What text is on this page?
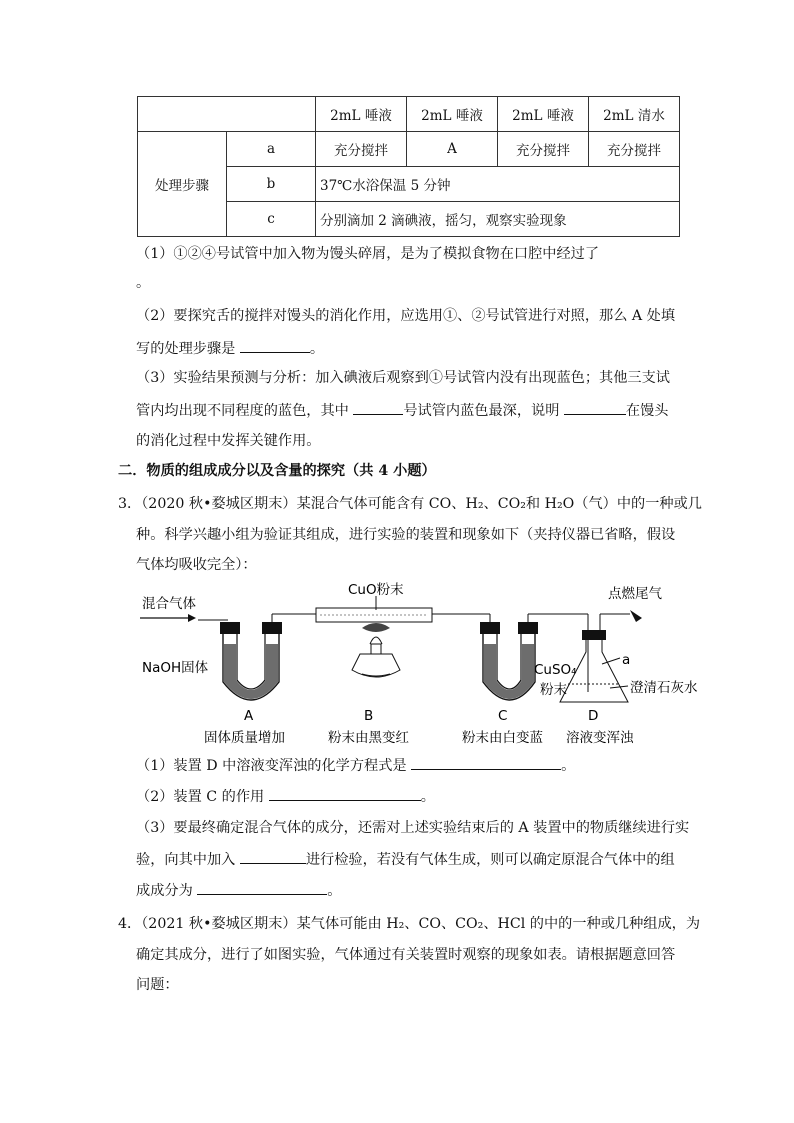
		2mL 唾液	2mL 唾液	2mL 唾液	2mL 清水
处理步骤	a	充分搅拌	A	充分搅拌	充分搅拌
	b	37℃水浴保温 5 分钟			
	c	分别滴加 2 滴碘液，摇匀，观察实验现象			
（1）①②④号试管中加入物为馒头碎屑，是为了模拟食物在口腔中经过了
。
（2）要探究舌的搅拌对馒头的消化作用，应选用①、②号试管进行对照，那么 A 处填
写的处理步骤是	。
（3）实验结果预测与分析：加入碘液后观察到①号试管内没有出现蓝色；其他三支试
管内均出现不同程度的蓝色，其中	号试管内蓝色最深，说明	在馒头
的消化过程中发挥关键作用。
二．物质的组成成分以及含量的探究（共 4 小题）
3．（2020 秋•婺城区期末）某混合气体可能含有 CO、H₂、CO₂和 H₂O（气）中的一种或几
种。科学兴趣小组为验证其组成，进行实验的装置和现象如下（夹持仪器已省略，假设
气体均吸收完全）：
混合气体
CuO粉末	点燃尾气
NaOH固体	CuSO₄
粉末
a
澄清石灰水
A	B	C	D
固体质量增加	粉末由黑变红	粉末由白变蓝 溶液变浑浊
（1）装置 D 中溶液变浑浊的化学方程式是	。
（2）装置 C 的作用	。
（3）要最终确定混合气体的成分，还需对上述实验结束后的 A 装置中的物质继续进行实
验，向其中加入	进行检验，若没有气体生成，则可以确定原混合气体中的组
成成分为	。
4．（2021 秋•婺城区期末）某气体可能由 H₂、CO、CO₂、HCl 的中的一种或几种组成，为
确定其成分，进行了如图实验，气体通过有关装置时观察的现象如表。请根据题意回答
问题：
